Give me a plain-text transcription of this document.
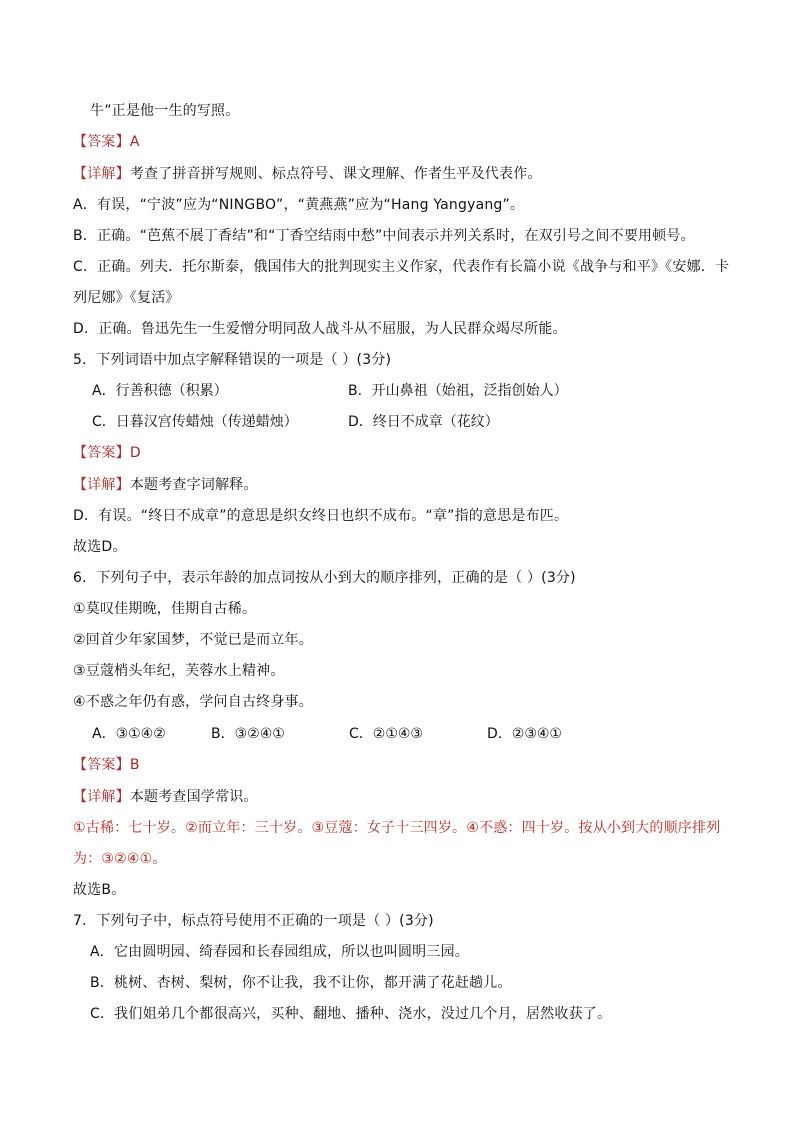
牛”正是他一生的写照。
【答案】A
【详解】考查了拼音拼写规则、标点符号、课文理解、作者生平及代表作。
A．有误，“宁波”应为“NINGBO”，“黄燕燕”应为“Hang Yangyang”。
B．正确。“芭蕉不展丁香结”和“丁香空结雨中愁”中间表示并列关系时，在双引号之间不要用顿号。
C．正确。列夫．托尔斯泰，俄国伟大的批判现实主义作家，代表作有长篇小说《战争与和平》《安娜．卡
列尼娜》《复活》
D．正确。鲁迅先生一生爱憎分明同敌人战斗从不屈服，为人民群众竭尽所能。
5．下列词语中加点字解释错误的一项是（ ）(3分)
A．行善积德（积累）	B．开山鼻祖（始祖，泛指创始人）
C．日暮汉宫传蜡烛（传递蜡烛）	D．终日不成章（花纹）
【答案】D
【详解】本题考查字词解释。
D．有误。“终日不成章”的意思是织女终日也织不成布。“章”指的意思是布匹。
故选D。
6．下列句子中，表示年龄的加点词按从小到大的顺序排列，正确的是（ ）(3分)
①莫叹佳期晚，佳期自古稀。
②回首少年家国梦，不觉已是而立年。
③豆蔻梢头年纪，芙蓉水上精神。
④不惑之年仍有惑，学问自古终身事。
A．③①④②	B．③②④①	C．②①④③	D．②③④①
【答案】B
【详解】本题考查国学常识。
①古稀：七十岁。②而立年：三十岁。③豆蔻：女子十三四岁。④不惑：四十岁。按从小到大的顺序排列
为：③②④①。
故选B。
7．下列句子中，标点符号使用不正确的一项是（ ）(3分)
A．它由圆明园、绮春园和长春园组成，所以也叫圆明三园。
B．桃树、杏树、梨树，你不让我，我不让你，都开满了花赶趟儿。
C．我们姐弟几个都很高兴，买种、翻地、播种、浇水，没过几个月，居然收获了。
